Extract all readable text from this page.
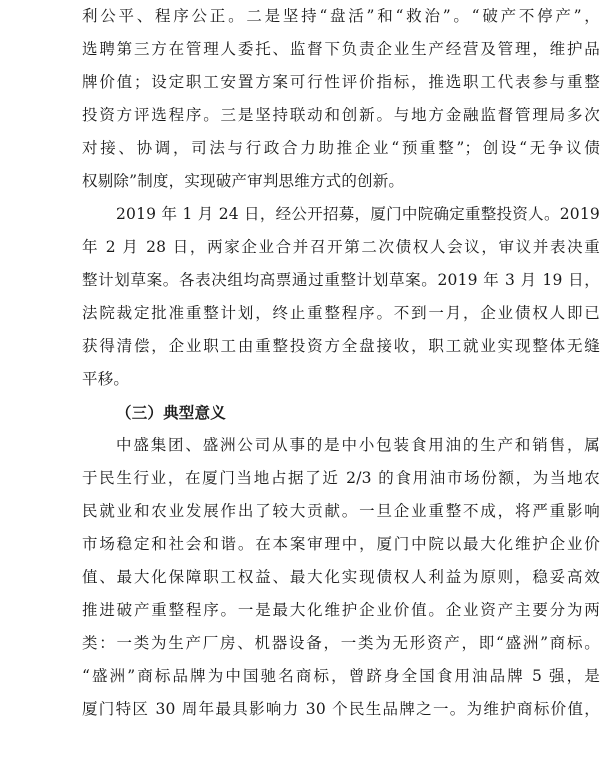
利公平、程序公正。二是坚持“盘活”和“救治”。“破产不停产”，
选聘第三方在管理人委托、监督下负责企业生产经营及管理，维护品
牌价值；设定职工安置方案可行性评价指标，推选职工代表参与重整
投资方评选程序。三是坚持联动和创新。与地方金融监督管理局多次
对接、协调，司法与行政合力助推企业“预重整”；创设“无争议债
权剔除”制度，实现破产审判思维方式的创新。
2019 年 1 月 24 日，经公开招募，厦门中院确定重整投资人。2019
年 2 月 28 日，两家企业合并召开第二次债权人会议，审议并表决重
整计划草案。各表决组均高票通过重整计划草案。2019 年 3 月 19 日，
法院裁定批准重整计划，终止重整程序。不到一月，企业债权人即已
获得清偿，企业职工由重整投资方全盘接收，职工就业实现整体无缝
平移。
（三）典型意义
中盛集团、盛洲公司从事的是中小包装食用油的生产和销售，属
于民生行业，在厦门当地占据了近 2/3 的食用油市场份额，为当地农
民就业和农业发展作出了较大贡献。一旦企业重整不成，将严重影响
市场稳定和社会和谐。在本案审理中，厦门中院以最大化维护企业价
值、最大化保障职工权益、最大化实现债权人利益为原则，稳妥高效
推进破产重整程序。一是最大化维护企业价值。企业资产主要分为两
类：一类为生产厂房、机器设备，一类为无形资产，即“盛洲”商标。
“盛洲”商标品牌为中国驰名商标，曾跻身全国食用油品牌 5 强，是
厦门特区 30 周年最具影响力 30 个民生品牌之一。为维护商标价值，
